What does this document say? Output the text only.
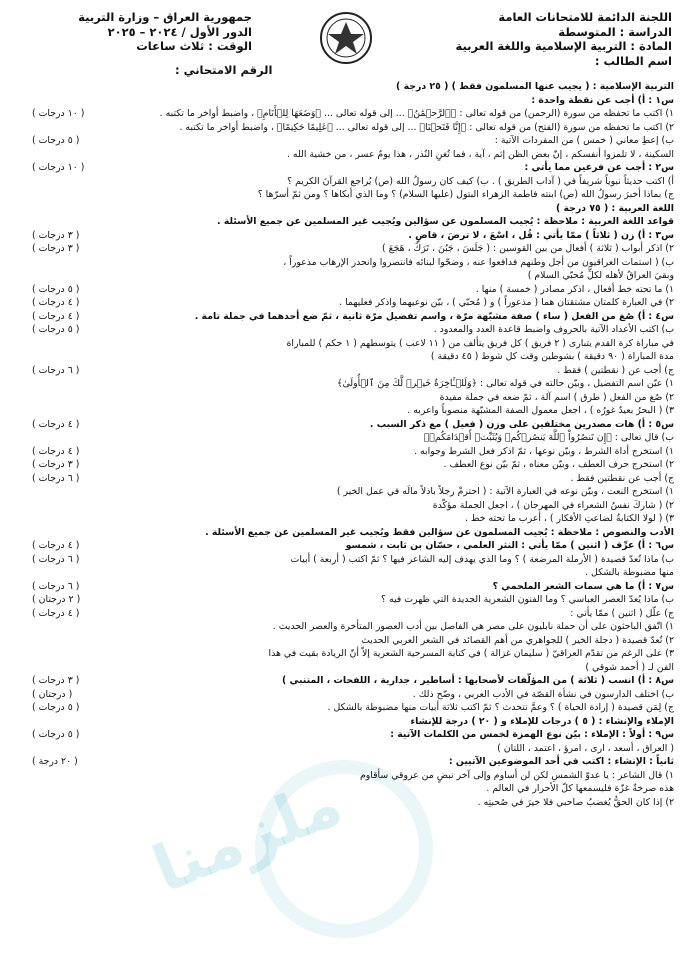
اللجنة الدائمة للامتحانات العامة
الدراسة : المتوسطة
المادة : التربية الإسلامية واللغة العربية
اسم الطالب :
جمهورية العراق – وزارة التربية
الدور الأول / ٢٠٢٤ – ٢٠٢٥
الوقت : ثلاث ساعات
الرقم الامتحاني :
ملزمنا
التربية الإسلامية : ( يجيب عنها المسلمون فقط ) ( ٢٥ درجة )
س١ : أ) أجب عن نقطة واحدة :
١) اكتب ما تحفظه من سورة (الرحمن) من قوله تعالى : ﴿ٱلرَّحۡمَٰنُ﴾ ... إلى قوله تعالى ... ﴿وَضَعَهَا لِلۡأَنَامِ﴾ ، واضبط أواخر ما تكتبه .
( ١٠ درجات )
٢) اكتب ما تحفظه من سورة (الفتح) من قوله تعالى : ﴿إِنَّا فَتَحۡنَا﴾ ... إلى قوله تعالى ... ﴿عَلِيمًا حَكِيمًا﴾ ، واضبط أواخر ما تكتبه .
ب) إعطِ معاني ( خمس ) من المفردات الآتية :
( ٥ درجات )
السكينة ، لا تلمزوا أنفسكم ، إنّ بعض الظن إثم ، آية ، فما تُغنِ النُذر ، هذا يومٌ عسر ، من خشية الله .
س٢ : أجب عن فرعين مما يأتي :
( ١٠ درجات )
أ) اكتب حديثاً نبوياً شريفاً في ( آداب الطريق ) . ب) كيف كان رسولُ الله (ص) يُراجع القرآنَ الكريم ؟
ج) بماذا أخبرَ رسولُ الله (ص) ابنته فاطمة الزهراء البتول (عليها السلام) ؟ وما الذي أبكاها ؟ ومن ثمّ أسرّها ؟
اللغة العربية : ( ٧٥ درجة )
قواعد اللغة العربية : ملاحظة : يُجيب المسلمون عن سؤالين ويُجيب غير المسلمين عن جميع الأسئلة .
س٣ : أ) زن ( ثلاثاً ) ممّا يأتي : قُل ، اسْعَ ، لا ترضَ ، قاضٍ .
( ٣ درجات )
٢) اذكر أبواب ( ثلاثة ) أفعال من بين القوسين : ( جَلَسَ ، جَبُنَ ، تَرَكَ ، هَجَعَ )
( ٣ درجات )
ب) ( استمات العراقيون من أجل وطنهم فدافعوا عنه ، وضحّوا لبنائه فانتصروا وانحدر الإرهاب مذعوراً ،
وبقيَ العراقُ لأهله لكلِّ مُحبّي السلام )
١) ما تحته خط أفعال ، اذكر مصادر ( خمسة ) منها .
( ٥ درجات )
٢) في العبارة كلمتان مشتقتان هما ( مذعوراً ) و ( مُحبّي ) ، بيّن نوعيهما واذكر فعليهما .
( ٤ درجات )
س٤ : أ) صُغ من الفعل ( ساء ) صفة مشبّهة مرّة ، واسم تفضيل مرّة ثانية ، ثمّ ضع أحدهما في جملة تامة .
( ٤ درجات )
ب) اكتب الأعداد الآتية بالحروف واضبط قاعدة العدد والمعدود .
( ٥ درجات )
في مباراة كرة القدم يتبارى ( ٢ فريق ) كل فريق يتألف من ( ١١ لاعب ) يتوسطهم ( ١ حكم ) للمباراة
مدة المباراة ( ٩٠ دقيقة ) بشوطين وقت كل شوط ( ٤٥ دقيقة )
ج) أجب عن ( نقطتين ) فقط .
( ٦ درجات )
١) عيّن اسم التفضيل ، وبيّن حالته في قوله تعالى : ﴿وَلَلۡـَٔاخِرَةُ خَيۡرٞ لَّكَ مِنَ ٱلۡأُولَىٰ﴾
٢) صُغ من الفعل ( طرق ) اسم آلة ، ثمّ ضعه في جملة مفيدة
٣) ( البحرُ بعيدٌ غورُه ) ، اجعل معمول الصفة المشبّهة منصوباً واعربه .
س٥ : أ) هات مصدرين مختلفين على وزن ( فعيل ) مع ذكر السبب .
( ٤ درجات )
ب) قال تعالى : ﴿إِن تَنصُرُواْ ٱللَّهَ يَنصُرۡكُمۡ وَيُثَبِّتۡ أَقۡدَامَكُمۡ﴾
١) استخرج أداة الشرط ، وبيّن نوعها ، ثمّ اذكر فعل الشرط وجوابه .
( ٤ درجات )
٢) استخرج حرف العطف ، وبيّن معناه ، ثمّ بيّن نوع العطف .
( ٣ درجات )
ج) أجب عن نقطتين فقط .
( ٦ درجات )
١) استخرج النعت ، وبيّن نوعه في العبارة الآتية : ( احترمْ رجلاً باذلاً مالَه في عمل الخير )
٢) ( شاركَ نفسُ الشعراء في المهرجان ) ، اجعل الجملة مؤكّدة
٣) ( لولا الكتابةُ لضاعتِ الأفكار ) ، أعرب ما تحته خط .
الأدب والنصوص : ملاحظة : يُجيب المسلمون عن سؤالين فقط ويُجيب غير المسلمين عن جميع الأسئلة .
س٦ : أ) عرِّف ( اثنين ) ممّا يأتي : النثر العلمي ، حسّان بن ثابت ، شمسو
( ٤ درجات )
ب) ماذا تُعدّ قصيدة ( الأرملة المرضعة ) ؟ وما الذي يهدف إليه الشاعر فيها ؟ ثمّ اكتب ( أربعة ) أبيات
( ٦ درجات )
منها مضبوطة بالشكل .
س٧ : أ) ما هي سمات الشعر الملحمي ؟
( ٦ درجات )
ب) ماذا يُعدّ العصر العباسي ؟ وما الفنون الشعرية الجديدة التي ظهرت فيه ؟
( ٢ درجتان )
ج) علّل ( اثنين ) ممّا يأتي :
( ٤ درجات )
١) اتّفق الباحثون على أن حملة نابليون على مصر هي الفاصل بين أدب العصور المتأخرة والعصر الحديث .
٢) تُعدّ قصيدة ( دجلة الخير ) للجواهري من أهم القصائد في الشعر العربي الحديث
٣) على الرغم من تقدّم العراقيّ ( سليمان غزالة ) في كتابة المسرحية الشعرية إلاّ أنّ الريادة بقيت في هذا
الفن لـ ( أحمد شوقي )
س٨ : أ) انسب ( ثلاثة ) من المؤلّفات لأصحابها : أساطير ، جدارية ، اللفحات ، المتنبي )
( ٣ درجات )
ب) اختلف الدارسون في نشأة القصّة في الأدب العربي ، وضّح ذلك .
( درجتان )
ج) لِمَن قصيدة ( إرادة الحياة ) ؟ وعمَّ تتحدث ؟ ثمّ اكتب ثلاثة أبيات منها مضبوطة بالشكل .
( ٥ درجات )
الإملاء والإنشاء : ( ٥ ) درجات للإملاء و ( ٢٠ ) درجة للإنشاء
س٩ : أولاً : الإملاء : بيّن نوع الهمزة لخمس من الكلمات الآتية :
( ٥ درجات )
( العراق ، أسعد ، ارى ، امرؤ ، اعتمد ، اللتان )
ثانياً : الإنشاء : اكتب في أحد الموضوعين الآتيين :
( ٢٠ درجة )
١) قال الشاعر : يا عدوّ الشمسِ لكن لن أساوم وإلى آخر نبضٍ من عروقي سأقاوم
هذه صرخةٌ غزّة فليسمعها كلّ الأحرار في العالم .
٢) إذا كان الحقُّ يُغضبُ صاحبي فلا خيرَ في صُحبتِه .
